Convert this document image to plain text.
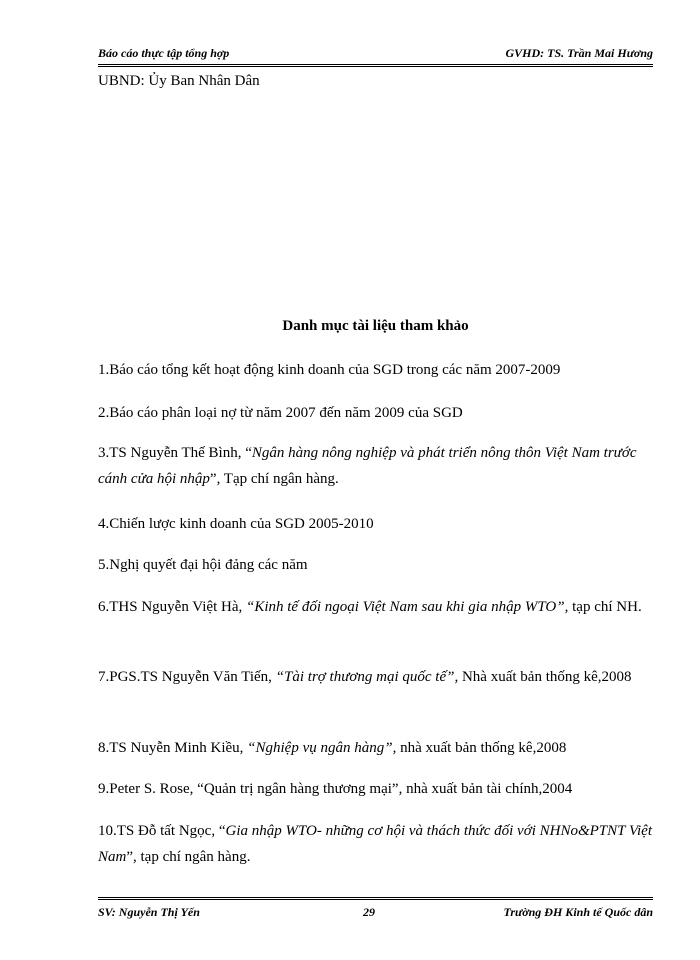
Báo cáo thực tập tổng hợp	GVHD: TS. Trần Mai Hương
UBND: Ủy Ban Nhân Dân
Danh mục tài liệu tham khảo
1.Báo cáo tổng kết hoạt động kinh doanh của SGD trong các năm 2007-2009
2.Báo cáo phân loại nợ từ năm 2007 đến năm 2009 của SGD
3.TS Nguyễn Thế Bình, “Ngân hàng nông nghiệp và phát triển nông thôn Việt Nam trước cánh cửa hội nhập”, Tạp chí ngân hàng.
4.Chiến lược kinh doanh của SGD 2005-2010
5.Nghị quyết đại hội đảng các năm
6.THS Nguyễn Việt Hà, “Kinh tế đối ngoại Việt Nam sau khi gia nhập WTO”, tạp chí NH.
7.PGS.TS Nguyễn Văn Tiến, “Tài trợ thương mại quốc tế”, Nhà xuất bản thống kê,2008
8.TS Nuyễn Minh Kiều, “Nghiệp vụ ngân hàng”, nhà xuất bản thống kê,2008
9.Peter S. Rose, “Quản trị ngân hàng thương mại”, nhà xuất bản tài chính,2004
10.TS Đỗ tất Ngọc, “Gia nhập WTO- những cơ hội và thách thức đối với NHNo&PTNT Việt Nam”, tạp chí ngân hàng.
SV: Nguyễn Thị Yến	29	Trường ĐH Kinh tế Quốc dân
